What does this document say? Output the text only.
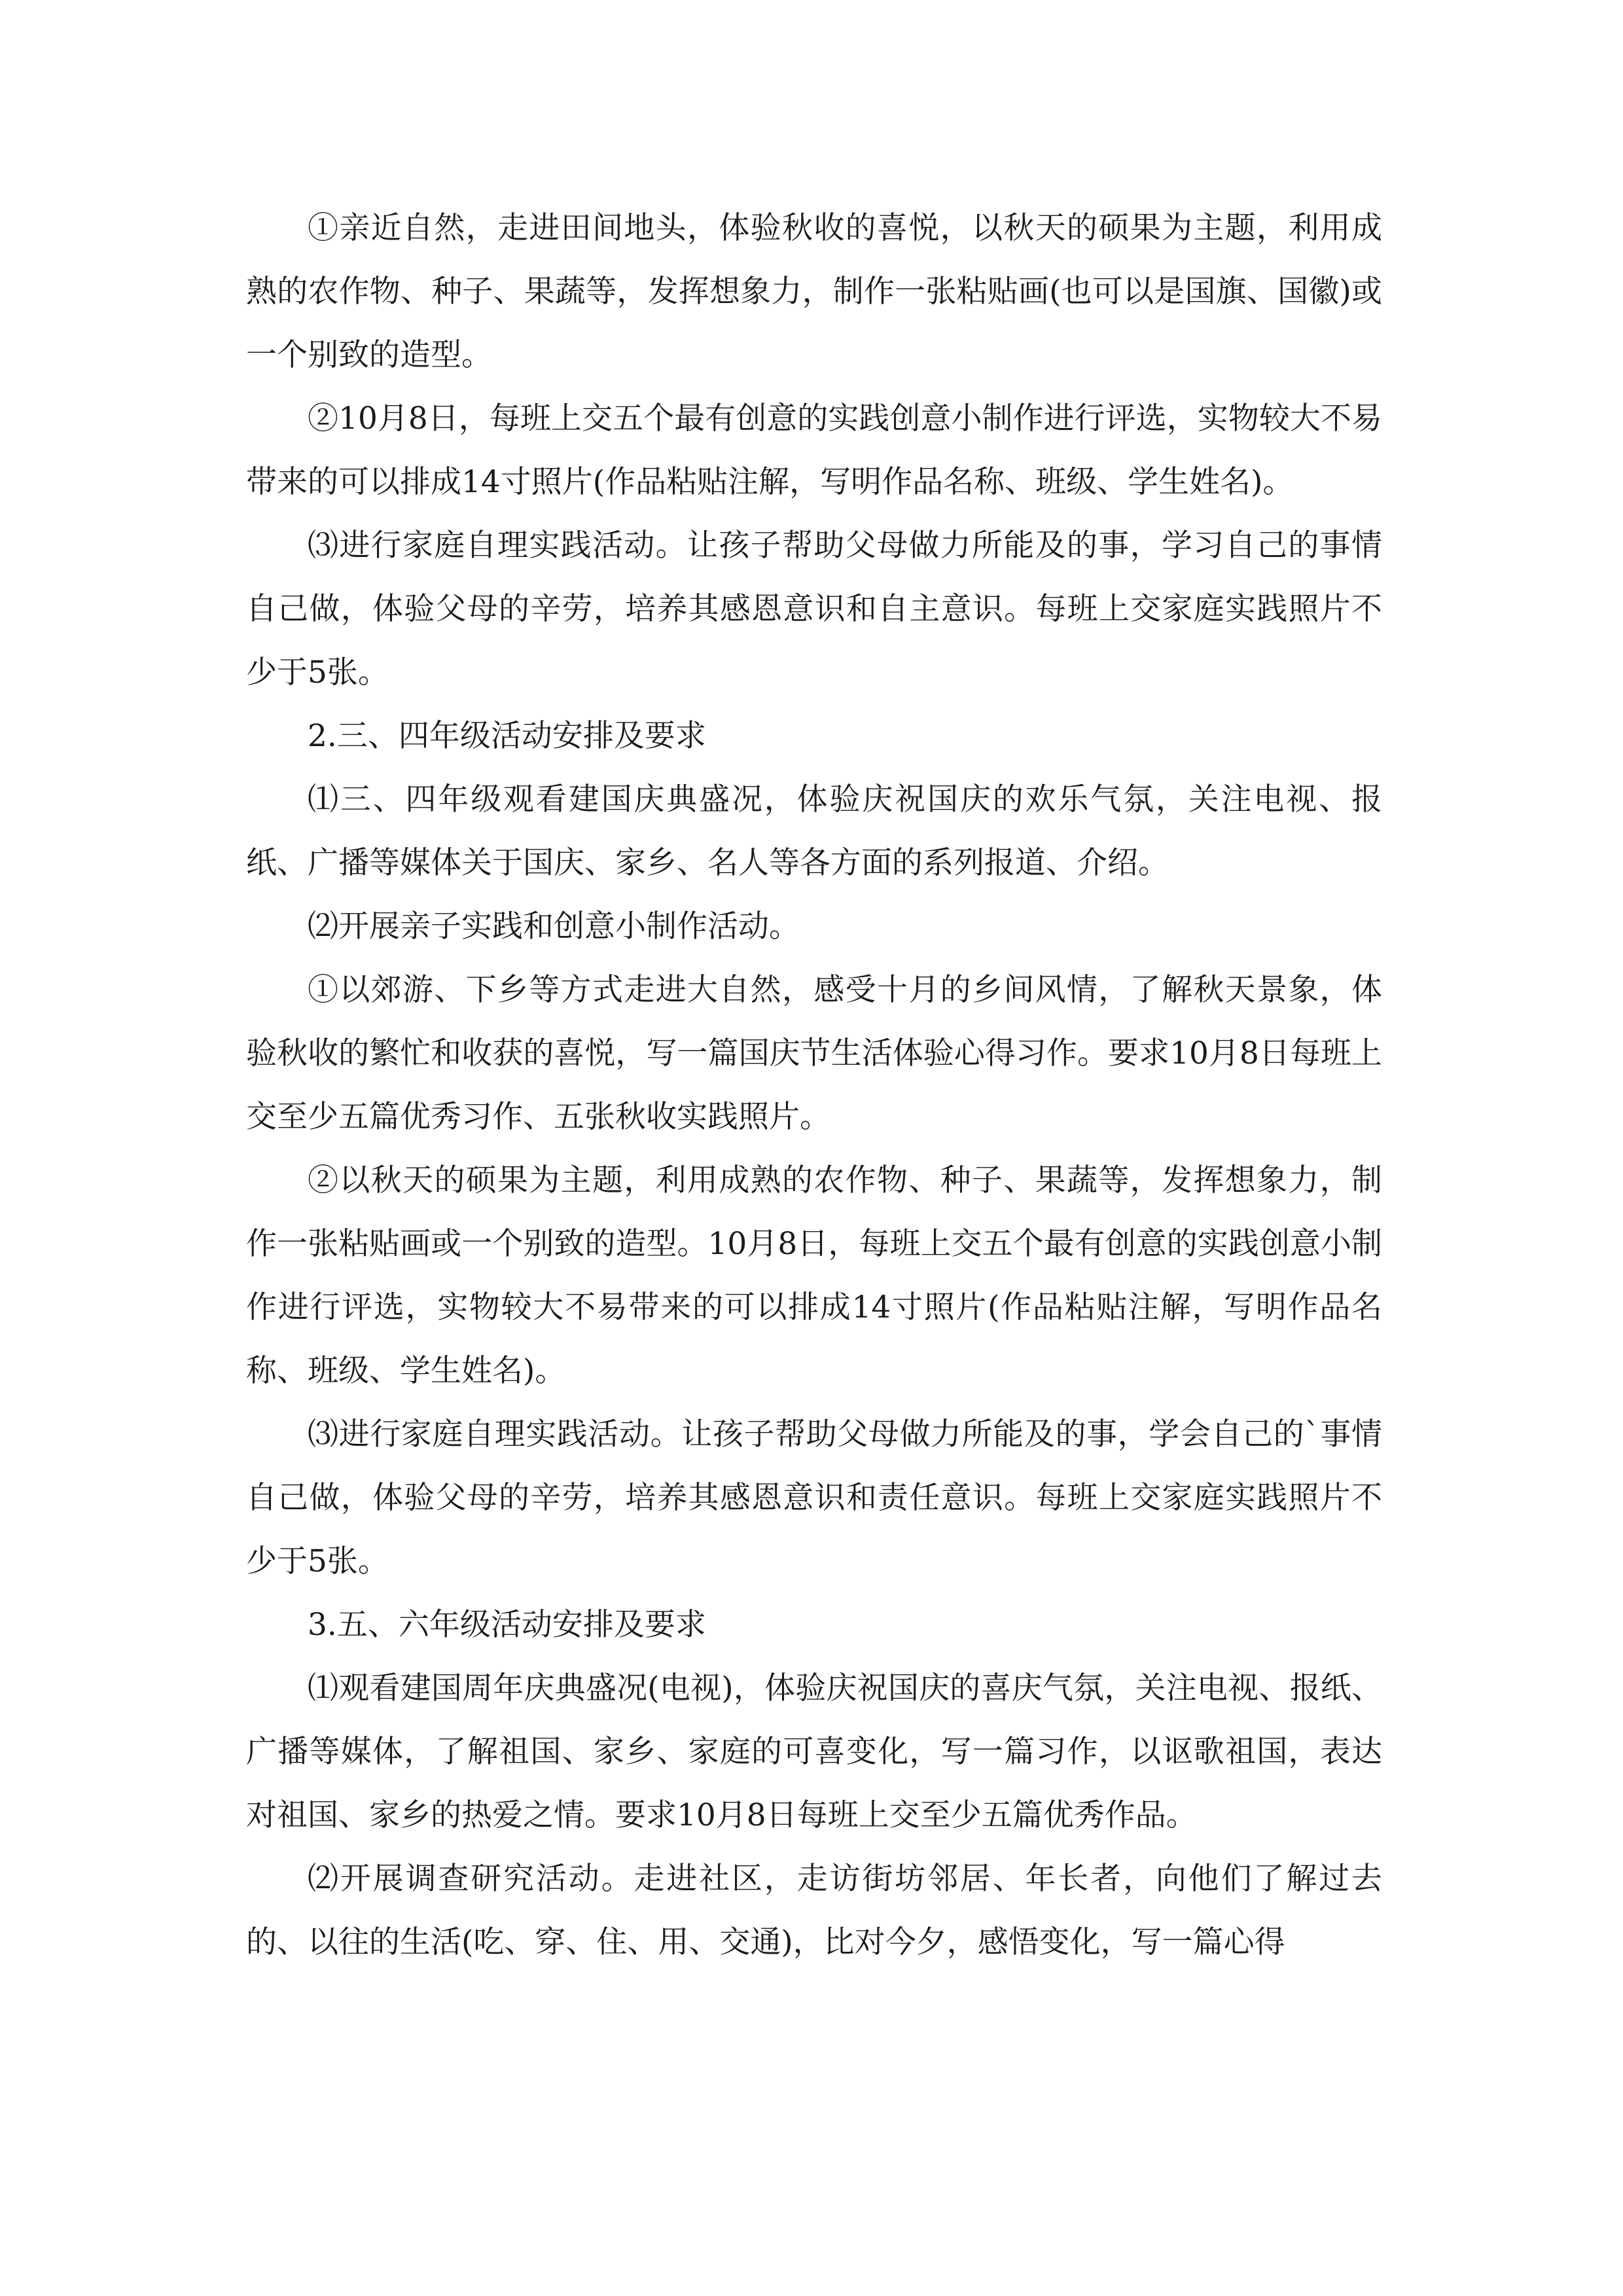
①亲近自然，走进田间地头，体验秋收的喜悦，以秋天的硕果为主题，利用成熟的农作物、种子、果蔬等，发挥想象力，制作一张粘贴画(也可以是国旗、国徽)或一个别致的造型。

②10月8日，每班上交五个最有创意的实践创意小制作进行评选，实物较大不易带来的可以排成14寸照片(作品粘贴注解，写明作品名称、班级、学生姓名)。

⑶进行家庭自理实践活动。让孩子帮助父母做力所能及的事，学习自己的事情自己做，体验父母的辛劳，培养其感恩意识和自主意识。每班上交家庭实践照片不少于5张。

2.三、四年级活动安排及要求

⑴三、四年级观看建国庆典盛况，体验庆祝国庆的欢乐气氛，关注电视、报纸、广播等媒体关于国庆、家乡、名人等各方面的系列报道、介绍。

⑵开展亲子实践和创意小制作活动。

①以郊游、下乡等方式走进大自然，感受十月的乡间风情，了解秋天景象，体验秋收的繁忙和收获的喜悦，写一篇国庆节生活体验心得习作。要求10月8日每班上交至少五篇优秀习作、五张秋收实践照片。

②以秋天的硕果为主题，利用成熟的农作物、种子、果蔬等，发挥想象力，制作一张粘贴画或一个别致的造型。10月8日，每班上交五个最有创意的实践创意小制作进行评选，实物较大不易带来的可以排成14寸照片(作品粘贴注解，写明作品名称、班级、学生姓名)。

⑶进行家庭自理实践活动。让孩子帮助父母做力所能及的事，学会自己的`事情自己做，体验父母的辛劳，培养其感恩意识和责任意识。每班上交家庭实践照片不少于5张。

3.五、六年级活动安排及要求

⑴观看建国周年庆典盛况(电视)，体验庆祝国庆的喜庆气氛，关注电视、报纸、广播等媒体，了解祖国、家乡、家庭的可喜变化，写一篇习作，以讴歌祖国，表达对祖国、家乡的热爱之情。要求10月8日每班上交至少五篇优秀作品。

⑵开展调查研究活动。走进社区，走访街坊邻居、年长者，向他们了解过去的、以往的生活(吃、穿、住、用、交通)，比对今夕，感悟变化，写一篇心得
